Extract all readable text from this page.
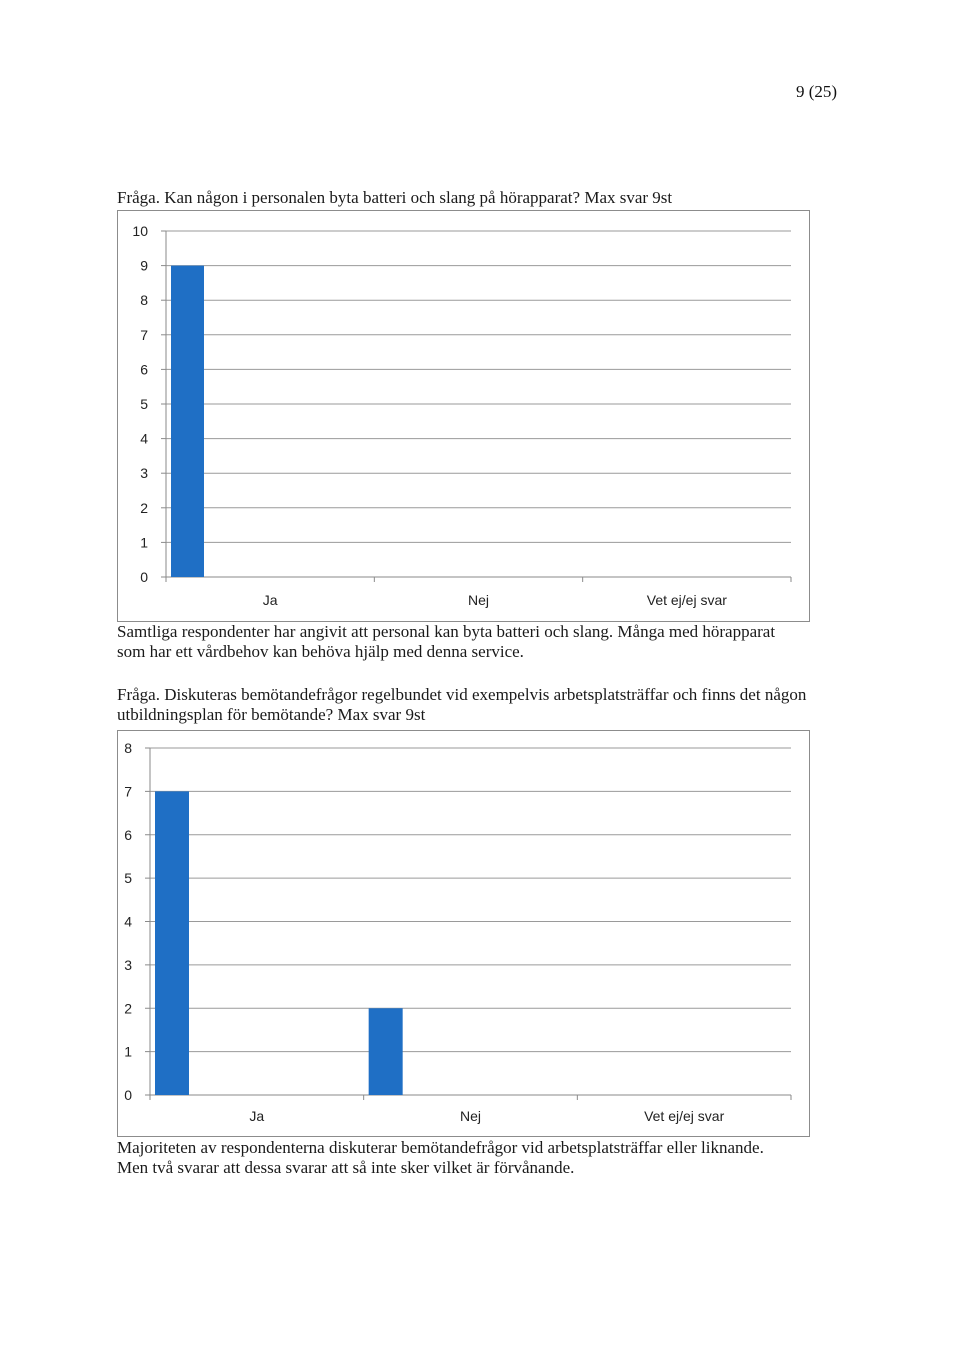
9 (25)
Fråga. Kan någon i personalen byta batteri och slang på hörapparat? Max svar 9st
0
1
2
3
4
5
6
7
8
9
10
Ja	Nej	Vet ej/ej svar
Samtliga respondenter har angivit att personal kan byta batteri och slang. Många med hörapparat som har ett vårdbehov kan behöva hjälp med denna service.
Fråga. Diskuteras bemötandefrågor regelbundet vid exempelvis arbetsplatsträffar och finns det någon utbildningsplan för bemötande? Max svar 9st
0
1
2
3
4
5
6
7
8
Ja	Nej	Vet ej/ej svar
Majoriteten av respondenterna diskuterar bemötandefrågor vid arbetsplatsträffar eller liknande. Men två svarar att dessa svarar att så inte sker vilket är förvånande.
